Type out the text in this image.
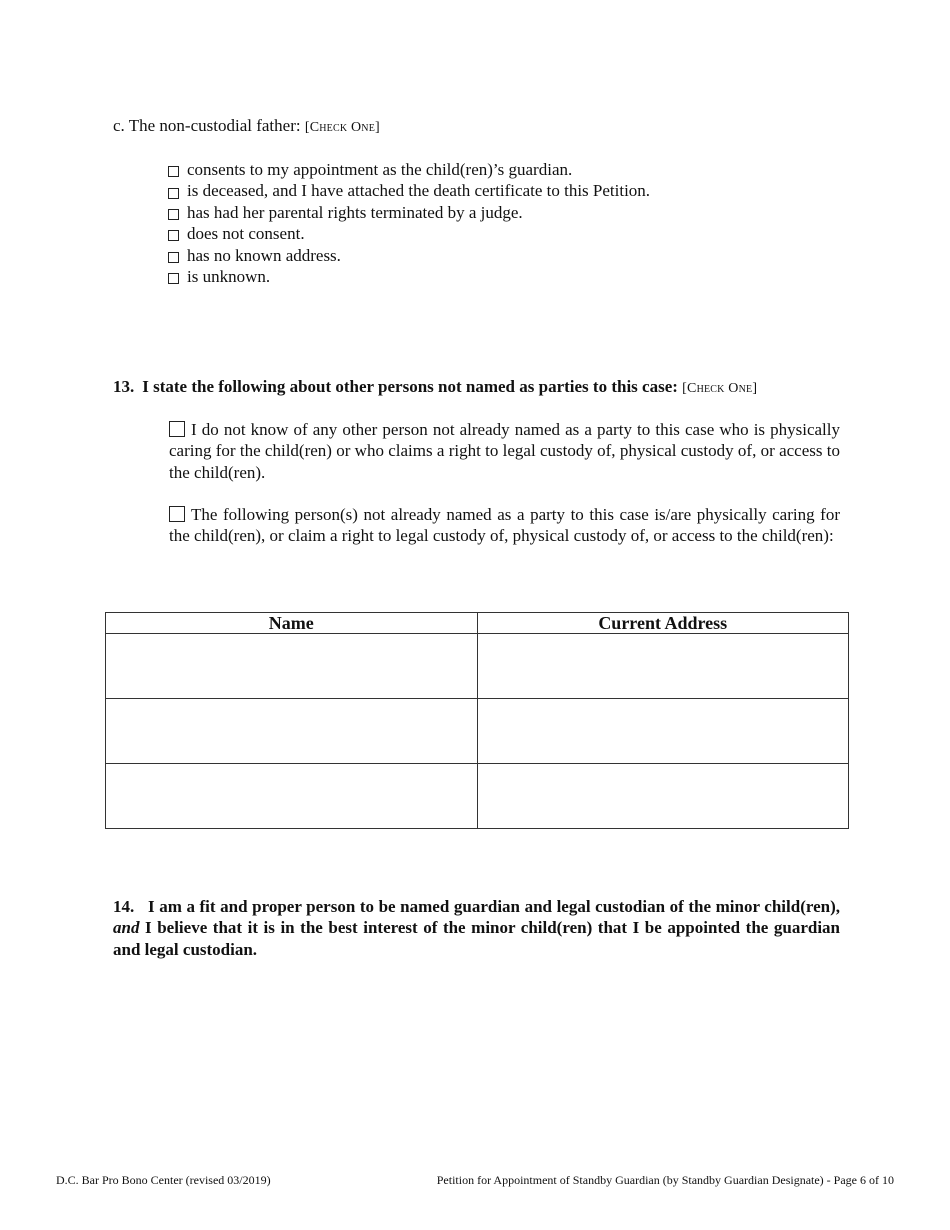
c. The non-custodial father: [Check One]
consents to my appointment as the child(ren)’s guardian.
is deceased, and I have attached the death certificate to this Petition.
has had her parental rights terminated by a judge.
does not consent.
has no known address.
is unknown.
13. I state the following about other persons not named as parties to this case: [Check One]
I do not know of any other person not already named as a party to this case who is physically caring for the child(ren) or who claims a right to legal custody of, physical custody of, or access to the child(ren).
The following person(s) not already named as a party to this case is/are physically caring for the child(ren), or claim a right to legal custody of, physical custody of, or access to the child(ren):
Name	Current Address

14. I am a fit and proper person to be named guardian and legal custodian of the minor child(ren), and I believe that it is in the best interest of the minor child(ren) that I be appointed the guardian and legal custodian.
D.C. Bar Pro Bono Center (revised 03/2019)	Petition for Appointment of Standby Guardian (by Standby Guardian Designate) - Page 6 of 10
